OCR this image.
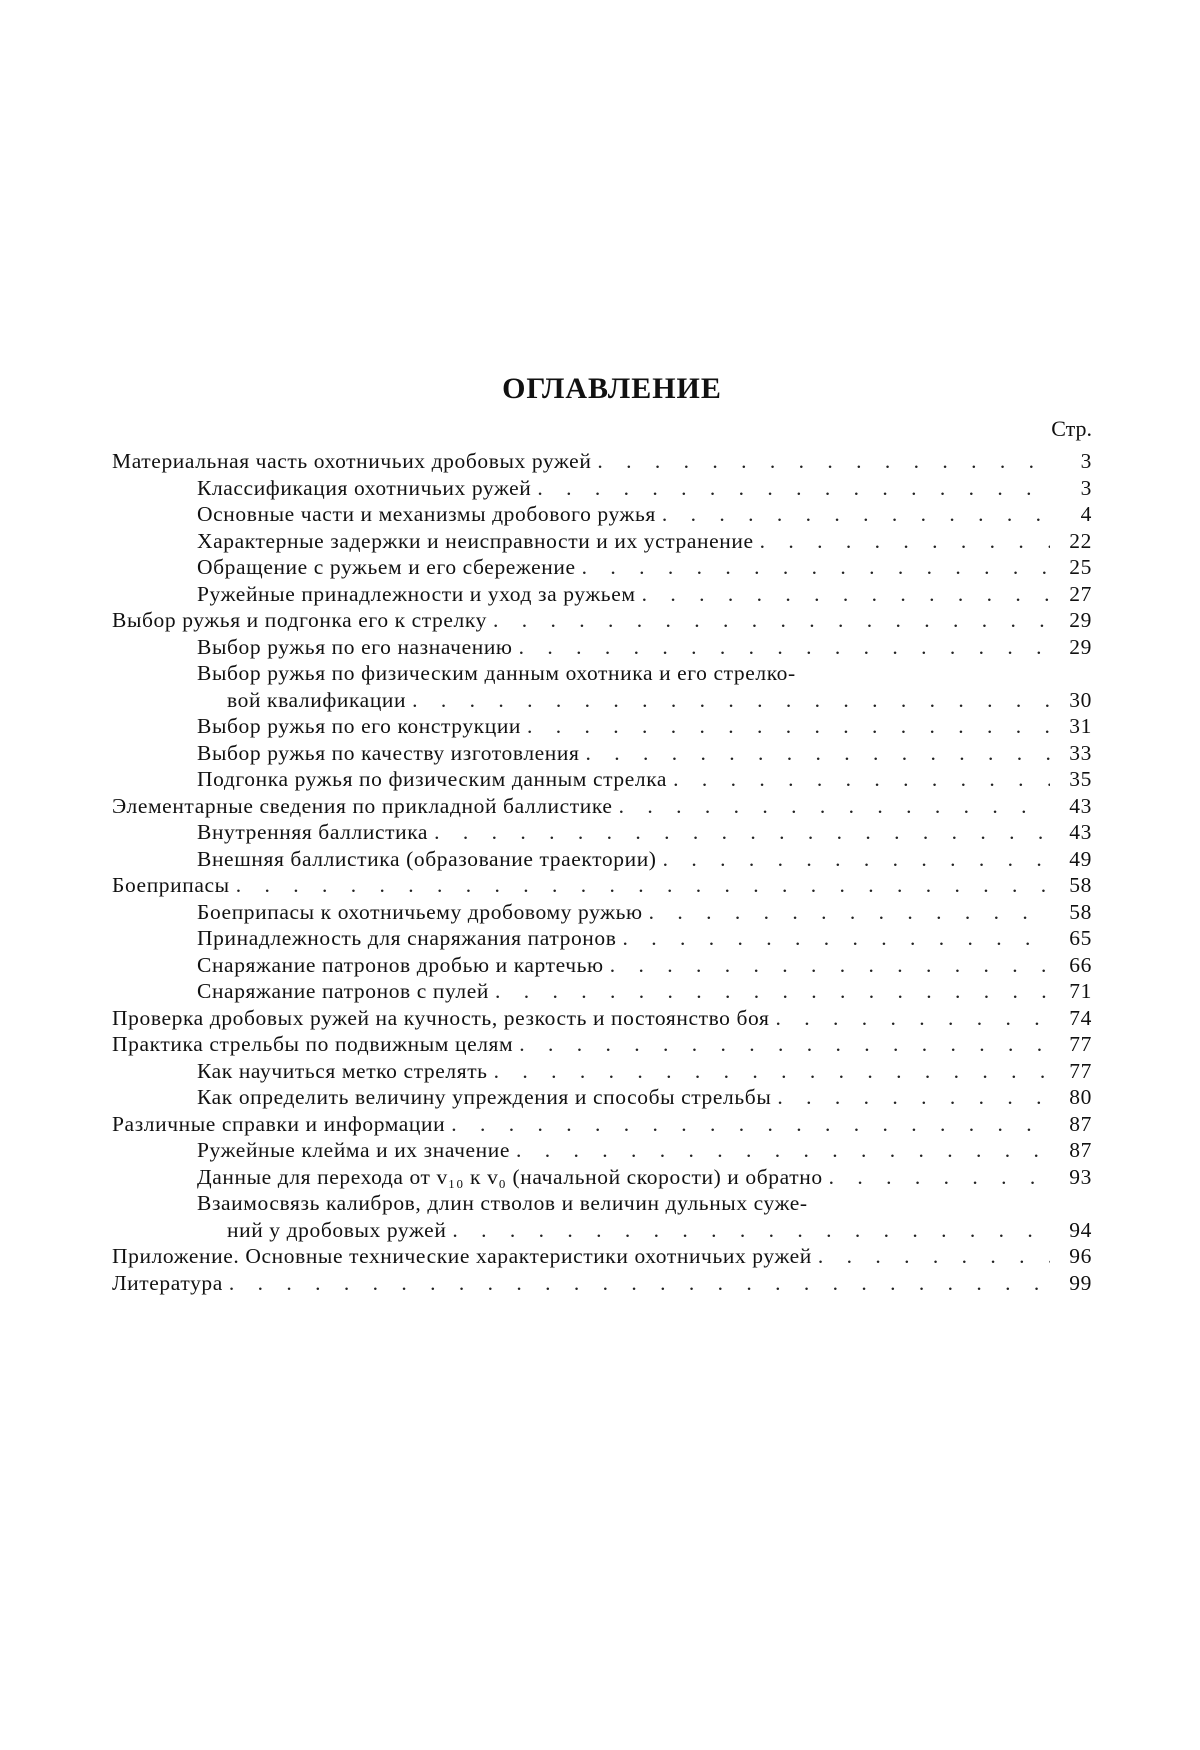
ОГЛАВЛЕНИЕ
Стр.
Материальная часть охотничьих дробовых ружей . . .	3
Классификация охотничьих ружей . . .	3
Основные части и механизмы дробового ружья . . .	4
Характерные задержки и неисправности и их устранение . . .	22
Обращение с ружьем и его сбережение . . .	25
Ружейные принадлежности и уход за ружьем . . .	27
Выбор ружья и подгонка его к стрелку . . .	29
Выбор ружья по его назначению . . .	29
Выбор ружья по физическим данным охотника и его стрелко-
вой квалификации . . .	30
Выбор ружья по его конструкции . . .	31
Выбор ружья по качеству изготовления . . .	33
Подгонка ружья по физическим данным стрелка . . .	35
Элементарные сведения по прикладной баллистике . . .	43
Внутренняя баллистика . . .	43
Внешняя баллистика (образование траектории) . . .	49
Боеприпасы . . .	58
Боеприпасы к охотничьему дробовому ружью . . .	58
Принадлежность для снаряжания патронов . . .	65
Снаряжание патронов дробью и картечью . . .	66
Снаряжание патронов с пулей . . .	71
Проверка дробовых ружей на кучность, резкость и постоянство боя . . .	74
Практика стрельбы по подвижным целям . . .	77
Как научиться метко стрелять . . .	77
Как определить величину упреждения и способы стрельбы . . .	80
Различные справки и информации . . .	87
Ружейные клейма и их значение . . .	87
Данные для перехода от v₁₀ к v₀ (начальной скорости) и обратно . . .	93
Взаимосвязь калибров, длин стволов и величин дульных суже-
ний у дробовых ружей . . .	94
Приложение. Основные технические характеристики охотничьих ружей . . .	96
Литература . . .	99
